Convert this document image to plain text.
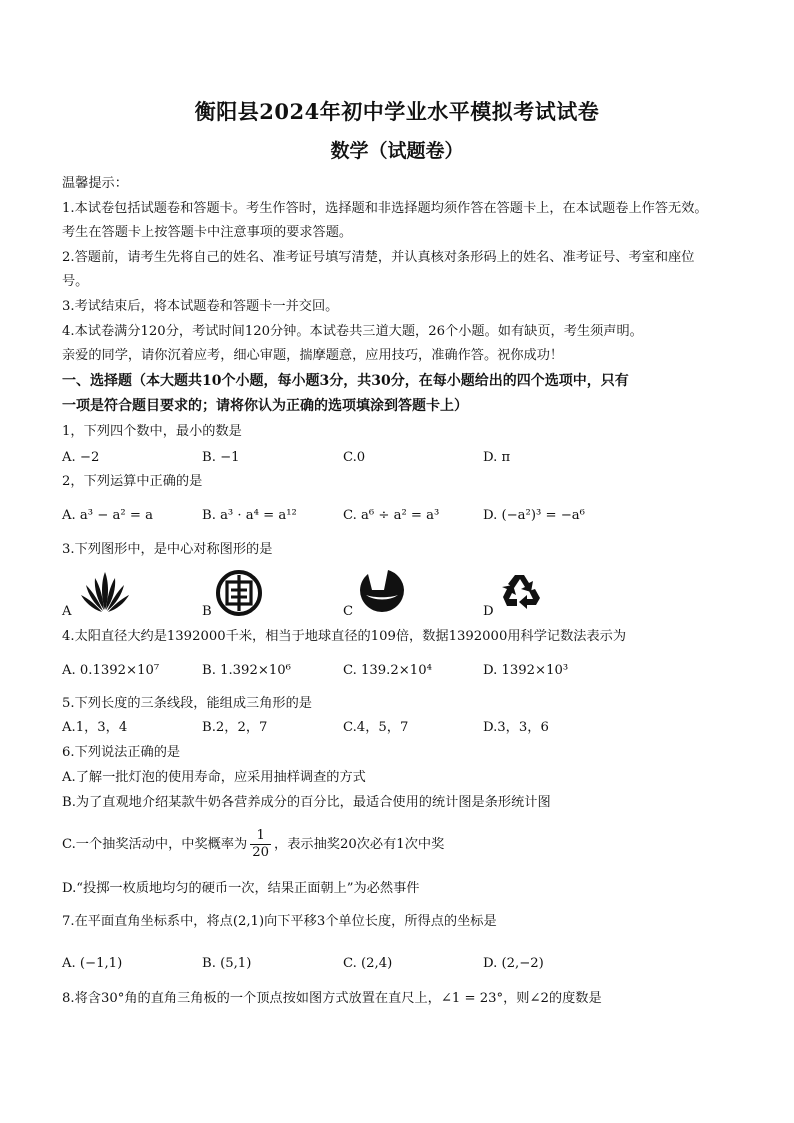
衡阳县2024年初中学业水平模拟考试试卷
数学（试题卷）
温馨提示：
1.本试卷包括试题卷和答题卡。考生作答时，选择题和非选择题均须作答在答题卡上，在本试题卷上作答无效。
考生在答题卡上按答题卡中注意事项的要求答题。
2.答题前，请考生先将自己的姓名、准考证号填写清楚，并认真核对条形码上的姓名、准考证号、考室和座位
号。
3.考试结束后，将本试题卷和答题卡一并交回。
4.本试卷满分120分，考试时间120分钟。本试卷共三道大题，26个小题。如有缺页，考生须声明。
亲爱的同学，请你沉着应考，细心审题，揣摩题意，应用技巧，准确作答。祝你成功！
一、选择题（本大题共10个小题，每小题3分，共30分，在每小题给出的四个选项中，只有
一项是符合题目要求的；请将你认为正确的选项填涂到答题卡上）
1，下列四个数中，最小的数是
A. −2	B. −1	C.0	D. π
2，下列运算中正确的是
A. a³ − a² = a	B. a³ · a⁴ = a¹²	C. a⁶ ÷ a² = a³	D. (−a²)³ = −a⁶
3.下列图形中，是中心对称图形的是
A	B	C	D
4.太阳直径大约是1392000千米，相当于地球直径的109倍，数据1392000用科学记数法表示为
A. 0.1392×10⁷	B. 1.392×10⁶	C. 139.2×10⁴	D. 1392×10³
5.下列长度的三条线段，能组成三角形的是
A.1，3，4	B.2，2，7	C.4，5，7	D.3，3，6
6.下列说法正确的是
A.了解一批灯泡的使用寿命，应采用抽样调查的方式
B.为了直观地介绍某款牛奶各营养成分的百分比，最适合使用的统计图是条形统计图
C.一个抽奖活动中，中奖概率为 $\frac{1}{20}$ ，表示抽奖20次必有1次中奖
D.“投掷一枚质地均匀的硬币一次，结果正面朝上”为必然事件
7.在平面直角坐标系中，将点(2,1)向下平移3个单位长度，所得点的坐标是
A. (−1,1)	B. (5,1)	C. (2,4)	D. (2,−2)
8.将含30°角的直角三角板的一个顶点按如图方式放置在直尺上，∠1 = 23°，则∠2的度数是
